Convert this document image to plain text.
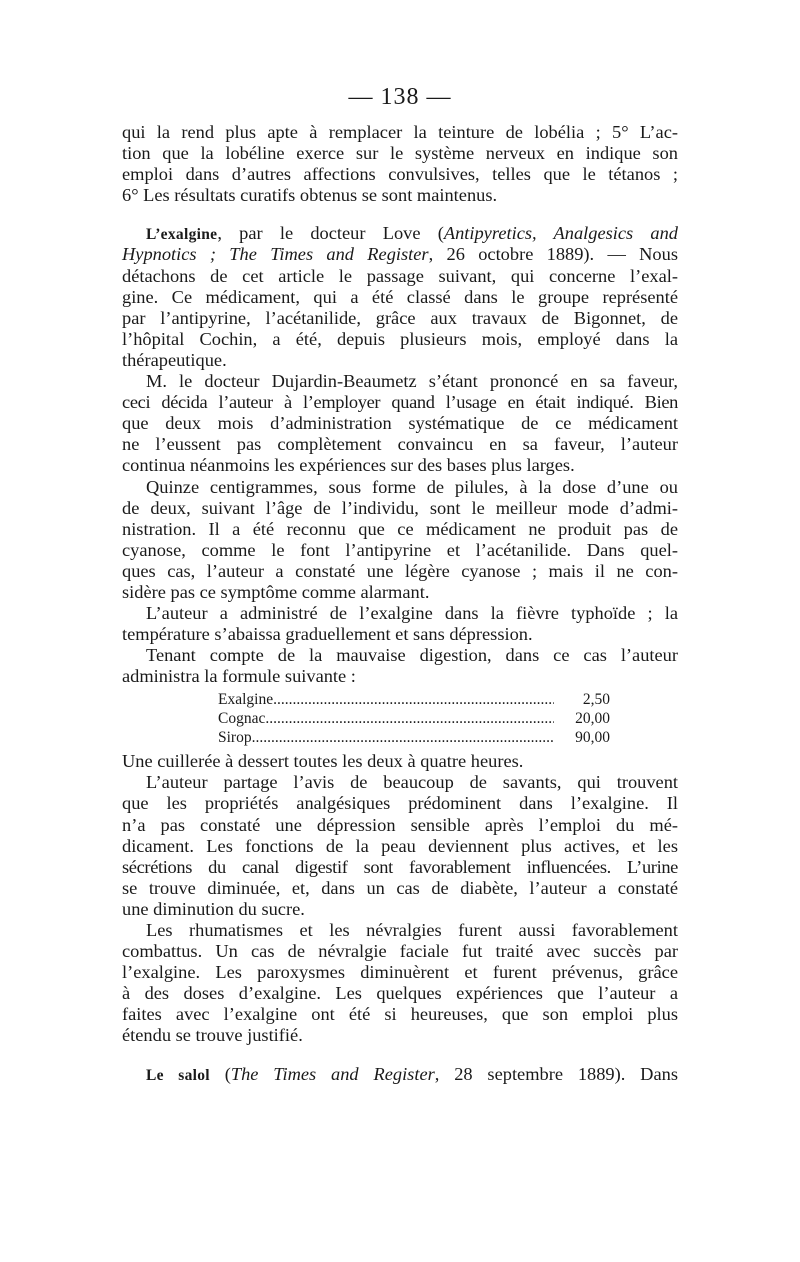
— 138 —
qui la rend plus apte à remplacer la teinture de lobélia ; 5° L’ac-
tion que la lobéline exerce sur le système nerveux en indique son
emploi dans d’autres affections convulsives, telles que le tétanos ;
6° Les résultats curatifs obtenus se sont maintenus.
L’exalgine, par le docteur Love (Antipyretics, Analgesics and
Hypnotics ; The Times and Register, 26 octobre 1889). — Nous
détachons de cet article le passage suivant, qui concerne l’exal-
gine. Ce médicament, qui a été classé dans le groupe représenté
par l’antipyrine, l’acétanilide, grâce aux travaux de Bigonnet, de
l’hôpital Cochin, a été, depuis plusieurs mois, employé dans la
thérapeutique.
M. le docteur Dujardin-Beaumetz s’étant prononcé en sa faveur,
ceci décida l’auteur à l’employer quand l’usage en était indiqué. Bien
que deux mois d’administration systématique de ce médicament
ne l’eussent pas complètement convaincu en sa faveur, l’auteur
continua néanmoins les expériences sur des bases plus larges.
Quinze centigrammes, sous forme de pilules, à la dose d’une ou
de deux, suivant l’âge de l’individu, sont le meilleur mode d’admi-
nistration. Il a été reconnu que ce médicament ne produit pas de
cyanose, comme le font l’antipyrine et l’acétanilide. Dans quel-
ques cas, l’auteur a constaté une légère cyanose ; mais il ne con-
sidère pas ce symptôme comme alarmant.
L’auteur a administré de l’exalgine dans la fièvre typhoïde ; la
température s’abaissa graduellement et sans dépression.
Tenant compte de la mauvaise digestion, dans ce cas l’auteur
administra la formule suivante :
Exalgine .....	2,50
Cognac .....	20,00
Sirop .....	90,00
Une cuillerée à dessert toutes les deux à quatre heures.
L’auteur partage l’avis de beaucoup de savants, qui trouvent
que les propriétés analgésiques prédominent dans l’exalgine. Il
n’a pas constaté une dépression sensible après l’emploi du mé-
dicament. Les fonctions de la peau deviennent plus actives, et les
sécrétions du canal digestif sont favorablement influencées. L’urine
se trouve diminuée, et, dans un cas de diabète, l’auteur a constaté
une diminution du sucre.
Les rhumatismes et les névralgies furent aussi favorablement
combattus. Un cas de névralgie faciale fut traité avec succès par
l’exalgine. Les paroxysmes diminuèrent et furent prévenus, grâce
à des doses d’exalgine. Les quelques expériences que l’auteur a
faites avec l’exalgine ont été si heureuses, que son emploi plus
étendu se trouve justifié.
Le salol (The Times and Register, 28 septembre 1889). Dans
